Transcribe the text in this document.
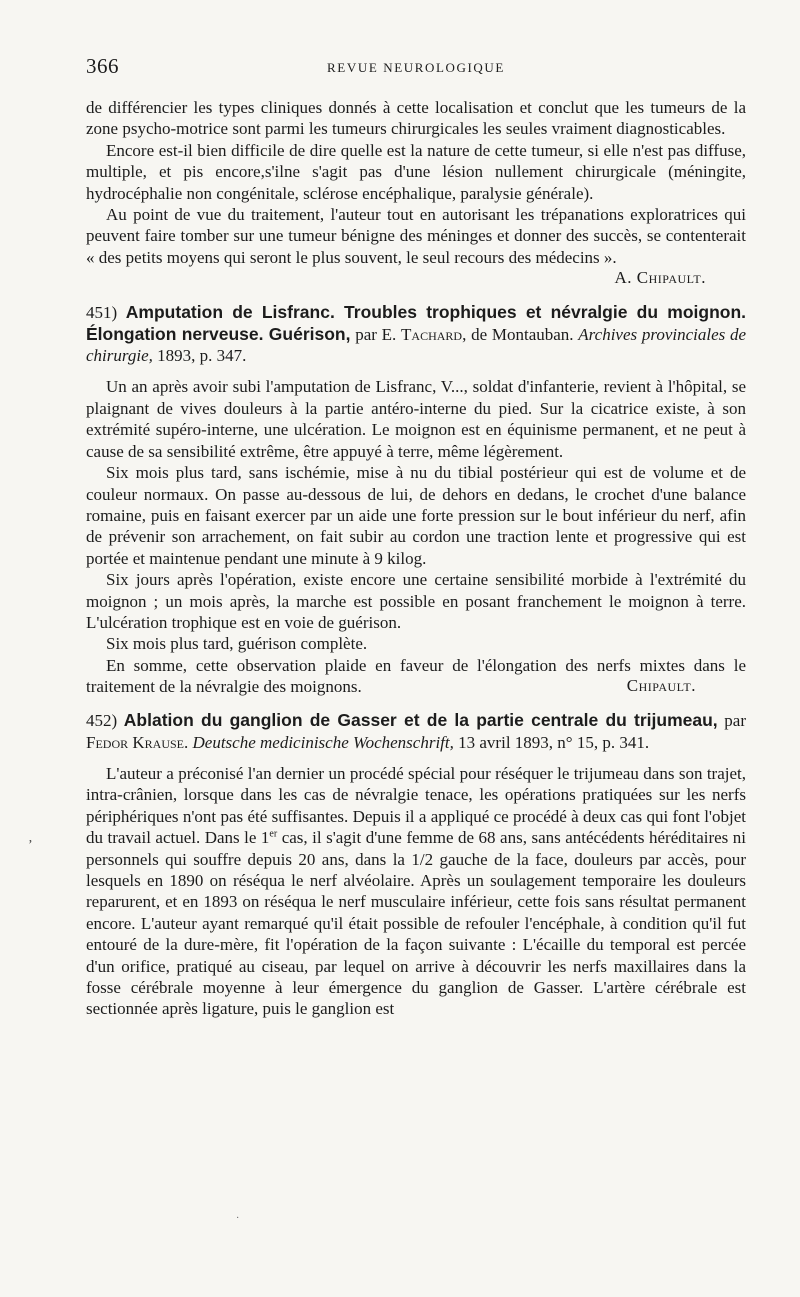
366	REVUE NEUROLOGIQUE
ʼ

de différencier les types cliniques donnés à cette localisation et conclut que les tumeurs de la zone psycho-motrice sont parmi les tumeurs chirurgicales les seules vraiment diagnosticables.

Encore est-il bien difficile de dire quelle est la nature de cette tumeur, si elle n'est pas diffuse, multiple, et pis encore,s'ilne s'agit pas d'une lésion nullement chirurgicale (méningite, hydrocéphalie non congénitale, sclérose encéphalique, paralysie générale).

Au point de vue du traitement, l'auteur tout en autorisant les trépanations exploratrices qui peuvent faire tomber sur une tumeur bénigne des méninges et donner des succès, se contenterait « des petits moyens qui seront le plus souvent, le seul recours des médecins ».

A. Chipault.
451) Amputation de Lisfranc. Troubles trophiques et névralgie du moignon. Élongation nerveuse. Guérison, par E. Tachard, de Montauban. Archives provinciales de chirurgie, 1893, p. 347.

Un an après avoir subi l'amputation de Lisfranc, V..., soldat d'infanterie, revient à l'hôpital, se plaignant de vives douleurs à la partie antéro-interne du pied. Sur la cicatrice existe, à son extrémité supéro-interne, une ulcération. Le moignon est en équinisme permanent, et ne peut à cause de sa sensibilité extrême, être appuyé à terre, même légèrement.

Six mois plus tard, sans ischémie, mise à nu du tibial postérieur qui est de volume et de couleur normaux. On passe au-dessous de lui, de dehors en dedans, le crochet d'une balance romaine, puis en faisant exercer par un aide une forte pression sur le bout inférieur du nerf, afin de prévenir son arrachement, on fait subir au cordon une traction lente et progressive qui est portée et maintenue pendant une minute à 9 kilog.

Six jours après l'opération, existe encore une certaine sensibilité morbide à l'extrémité du moignon ; un mois après, la marche est possible en posant franchement le moignon à terre. L'ulcération trophique est en voie de guérison.

Six mois plus tard, guérison complète.

En somme, cette observation plaide en faveur de l'élongation des nerfs mixtes dans le traitement de la névralgie des moignons.	Chipault.
452) Ablation du ganglion de Gasser et de la partie centrale du trijumeau, par Fedor Krause. Deutsche medicinische Wochenschrift, 13 avril 1893, n° 15, p. 341.

L'auteur a préconisé l'an dernier un procédé spécial pour réséquer le trijumeau dans son trajet, intra-crânien, lorsque dans les cas de névralgie tenace, les opérations pratiquées sur les nerfs périphériques n'ont pas été suffisantes. Depuis il a appliqué ce procédé à deux cas qui font l'objet du travail actuel. Dans le 1er cas, il s'agit d'une femme de 68 ans, sans antécédents héréditaires ni personnels qui souffre depuis 20 ans, dans la 1/2 gauche de la face, douleurs par accès, pour lesquels en 1890 on réséqua le nerf alvéolaire. Après un soulagement temporaire les douleurs reparurent, et en 1893 on réséqua le nerf musculaire inférieur, cette fois sans résultat permanent encore. L'auteur ayant remarqué qu'il était possible de refouler l'encéphale, à condition qu'il fut entouré de la dure-mère, fit l'opération de la façon suivante : L'écaille du temporal est percée d'un orifice, pratiqué au ciseau, par lequel on arrive à découvrir les nerfs maxillaires dans la fosse cérébrale moyenne à leur émergence du ganglion de Gasser. L'artère cérébrale est sectionnée après ligature, puis le ganglion est

·
